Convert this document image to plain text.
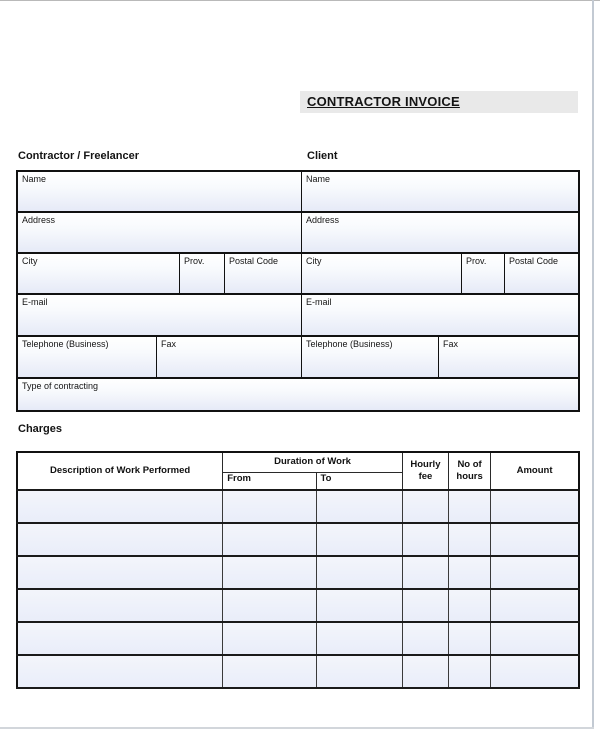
CONTRACTOR INVOICE
Contractor / Freelancer	Client
Name	Name
Address	Address
City	Prov.	Postal Code	City	Prov.	Postal Code
E-mail	E-mail
Telephone (Business)	Fax	Telephone (Business)	Fax
Type of contracting
Charges
Description of Work Performed	Duration of Work		Hourly fee	No of hours	Amount
	From	To			
